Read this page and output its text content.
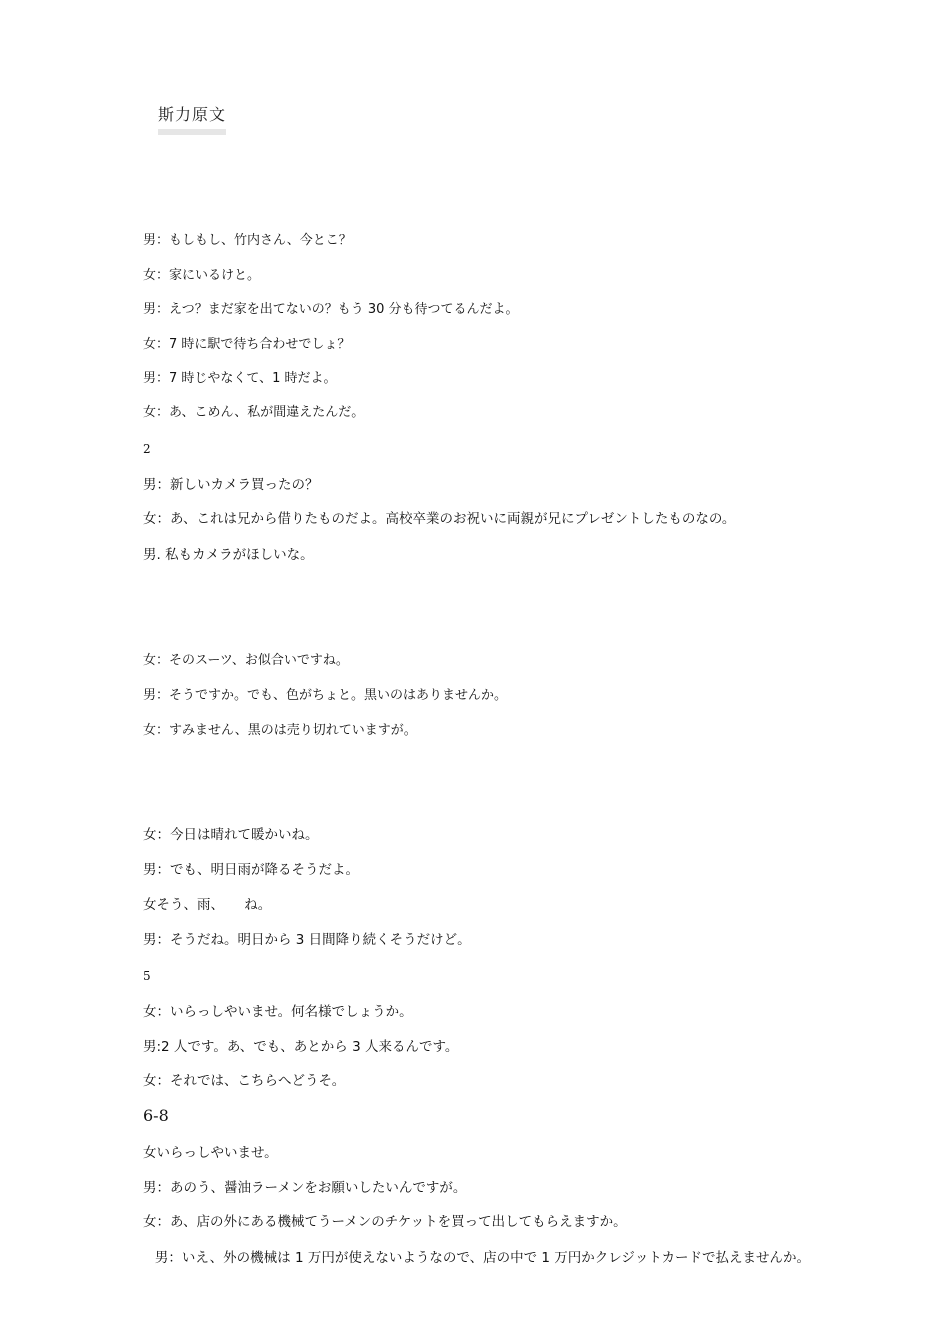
斯力原文
男：もしもし、竹内さん、今とこ？
女：家にいるけと。
男：えつ？まだ家を出てないの？もう 30 分も待つてるんだよ。
女：7 時に駅で待ち合わせでしょ？
男：7 時じやなくて、1 時だよ。
女：あ、こめん、私が間違えたんだ。
2
男：新しいカメラ買ったの？
女：あ、これは兄から借りたものだよ。高校卒業のお祝いに両親が兄にプレゼントしたものなの。
男. 私もカメラがほしいな。
女：そのスーツ、お似合いですね。
男：そうですか。でも、色がちょと。黒いのはありませんか。
女：すみません、黒のは売り切れていますが。
女：今日は晴れて暖かいね。
男：でも、明日雨が降るそうだよ。
女そう、雨、　　ね。
男：そうだね。明日から 3 日間降り続くそうだけど。
5
女：いらっしやいませ。何名様でしょうか。
男:2 人です。あ、でも、あとから 3 人来るんです。
女：それでは、こちらへどうそ。
6-8
女いらっしやいませ。
男：あのう、醤油ラーメンをお願いしたいんですが。
女：あ、店の外にある機械てうーメンのチケットを買って出してもらえますか。
男：いえ、外の機械は 1 万円が使えないようなので、店の中で 1 万円かクレジットカードで払えませんか。
